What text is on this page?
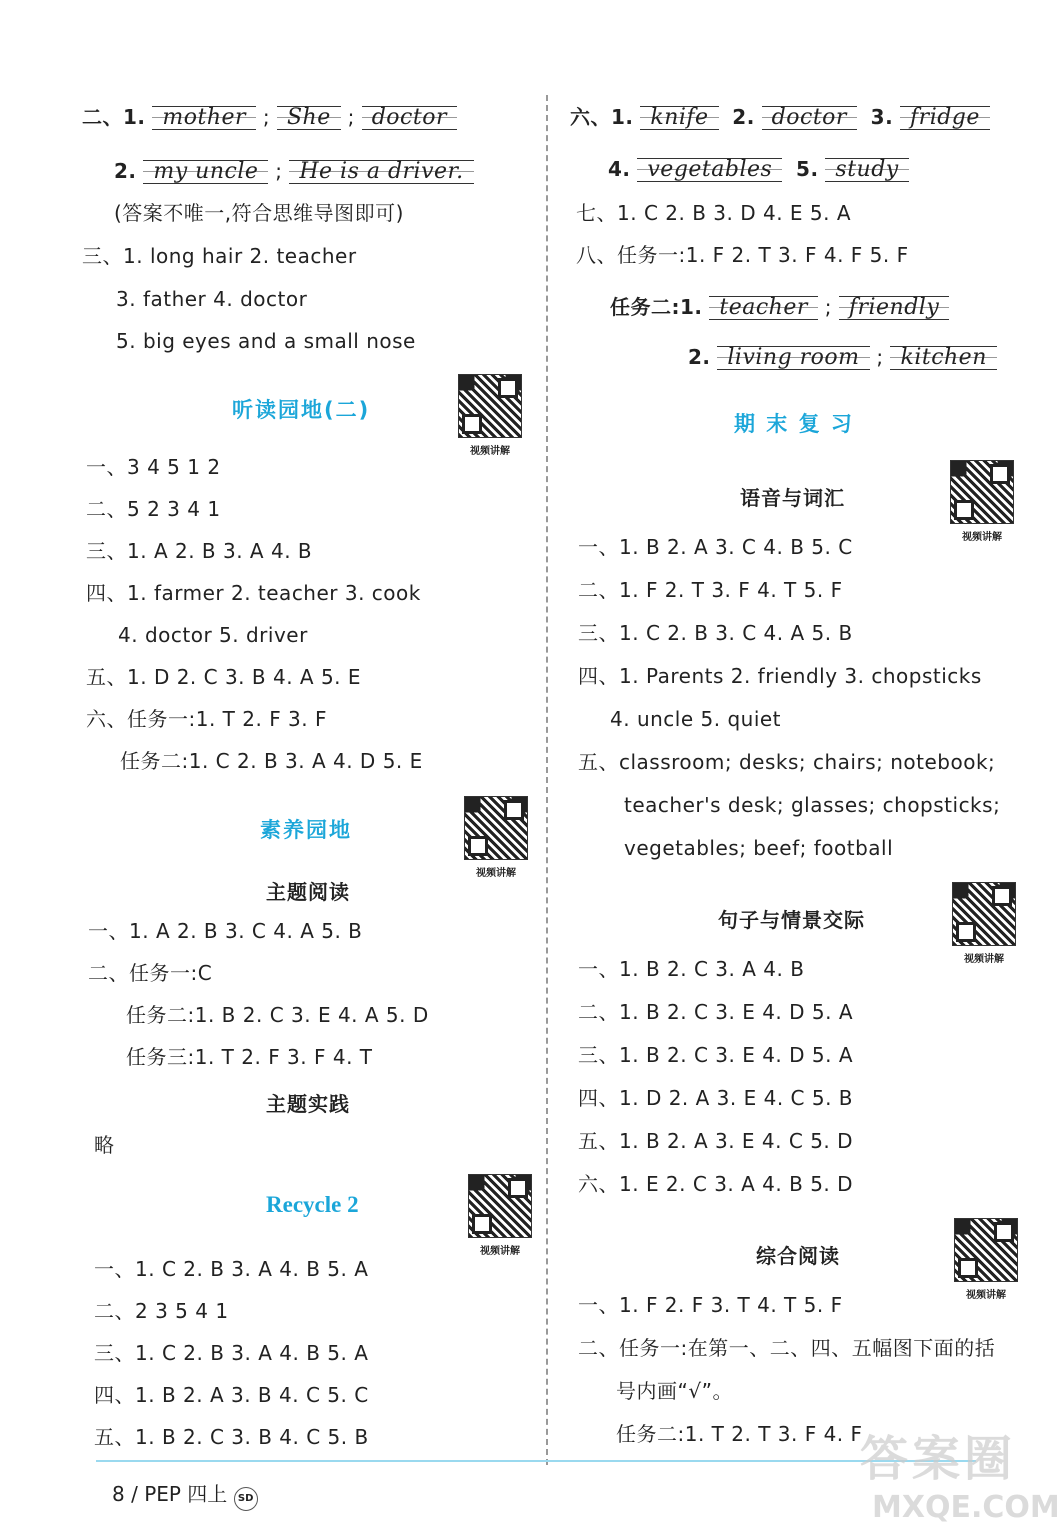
二、1. mother ; She ; doctor
2. my uncle ; He is a driver.
(答案不唯一,符合思维导图即可)
三、1. long hair 2. teacher
3. father 4. doctor
5. big eyes and a small nose
听读园地(二)
视频讲解
一、3 4 5 1 2
二、5 2 3 4 1
三、1. A 2. B 3. A 4. B
四、1. farmer 2. teacher 3. cook
4. doctor 5. driver
五、1. D 2. C 3. B 4. A 5. E
六、任务一:1. T 2. F 3. F
任务二:1. C 2. B 3. A 4. D 5. E
素养园地
视频讲解
主题阅读
一、1. A 2. B 3. C 4. A 5. B
二、任务一:C
任务二:1. B 2. C 3. E 4. A 5. D
任务三:1. T 2. F 3. F 4. T
主题实践
略
Recycle 2
视频讲解
一、1. C 2. B 3. A 4. B 5. A
二、2 3 5 4 1
三、1. C 2. B 3. A 4. B 5. A
四、1. B 2. A 3. B 4. C 5. C
五、1. B 2. C 3. B 4. C 5. B
六、1. knife 2. doctor 3. fridge
4. vegetables 5. study
七、1. C 2. B 3. D 4. E 5. A
八、任务一:1. F 2. T 3. F 4. F 5. F
任务二:1. teacher ; friendly
2. living room ; kitchen
期 末 复 习
语音与词汇
视频讲解
一、1. B 2. A 3. C 4. B 5. C
二、1. F 2. T 3. F 4. T 5. F
三、1. C 2. B 3. C 4. A 5. B
四、1. Parents 2. friendly 3. chopsticks
4. uncle 5. quiet
五、classroom; desks; chairs; notebook;
teacher's desk; glasses; chopsticks;
vegetables; beef; football
句子与情景交际
视频讲解
一、1. B 2. C 3. A 4. B
二、1. B 2. C 3. E 4. D 5. A
三、1. B 2. C 3. E 4. D 5. A
四、1. D 2. A 3. E 4. C 5. B
五、1. B 2. A 3. E 4. C 5. D
六、1. E 2. C 3. A 4. B 5. D
综合阅读
视频讲解
一、1. F 2. F 3. T 4. T 5. F
二、任务一:在第一、二、四、五幅图下面的括
号内画“√”。
任务二:1. T 2. T 3. F 4. F
8 / PEP 四上 SD
答案圈
MXQE.COM
